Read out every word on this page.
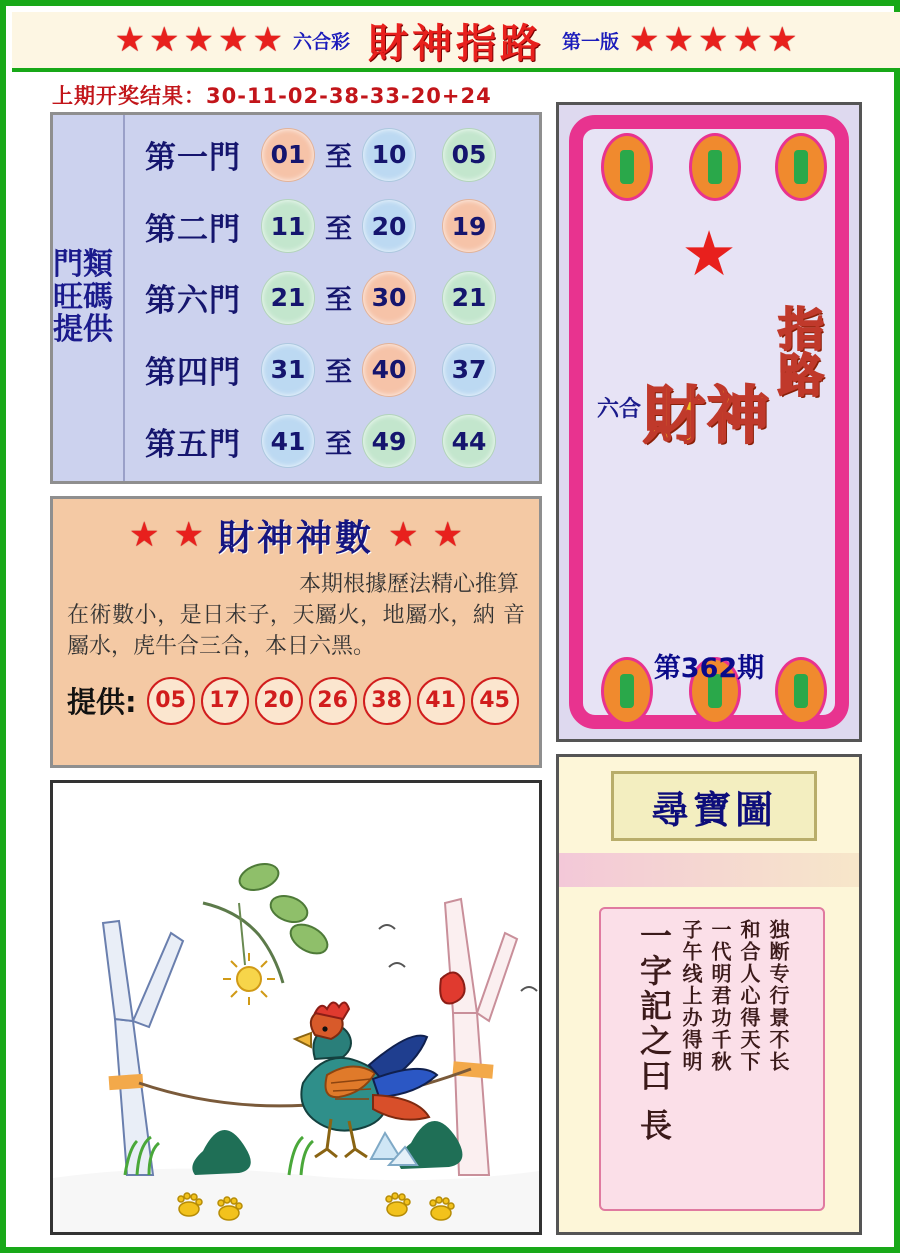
★ ★ ★ ★ ★ 六合彩 財神指路 第一版 ★ ★ ★ ★ ★
上期开奖结果：30-11-02-38-33-20+24
門類旺碼提供
第一門	01 至 10	05
第二門	11 至 20	19
第六門	21 至 30	21
第四門	31 至 40	37
第五門	41 至 49	44
★ ★ 財神神數 ★ ★
本期根據歷法精心推算
在術數小，是日末子，天屬火，地屬水，納 音屬水，虎牛合三合，本日六黑。
提供: 05	17	20	26	38	41	45
★
六合 財神
指路
第362期
尋寶圖
独断专行景不长
和合人心得天下
一代明君功千秋
子午线上办得明
一字記之曰 長
